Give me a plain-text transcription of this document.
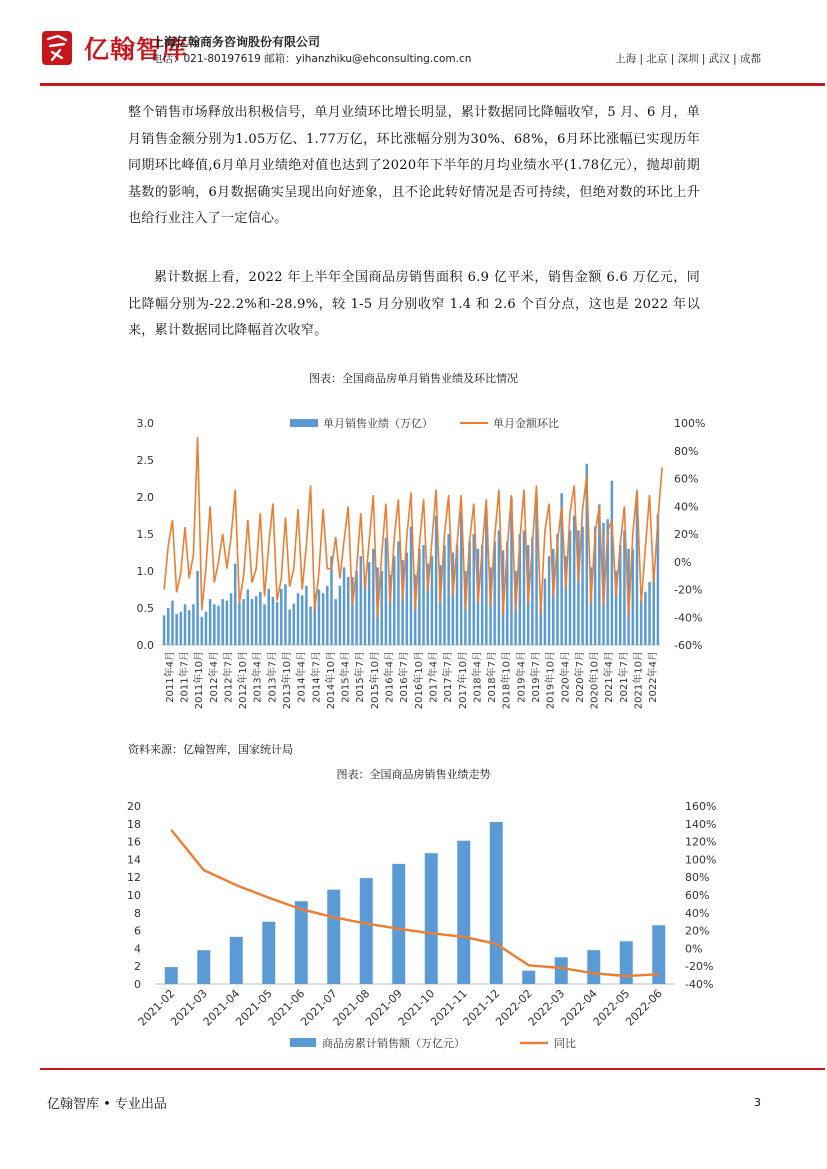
亿翰智库
上海亿翰商务咨询股份有限公司
电话：021-80197619 邮箱：yihanzhiku@ehconsulting.com.cn	上海 | 北京 | 深圳 | 武汉 | 成都
整个销售市场释放出积极信号，单月业绩环比增长明显，累计数据同比降幅收窄，5 月、6 月，单月销售金额分别为1.05万亿、1.77万亿，环比涨幅分别为30%、68%，6月环比涨幅已实现历年同期环比峰值,6月单月业绩绝对值也达到了2020年下半年的月均业绩水平(1.78亿元），抛却前期基数的影响，6月数据确实呈现出向好迹象，且不论此转好情况是否可持续，但绝对数的环比上升也给行业注入了一定信心。
累计数据上看，2022 年上半年全国商品房销售面积 6.9 亿平米，销售金额 6.6 万亿元，同比降幅分别为-22.2%和-28.9%，较 1-5 月分别收窄 1.4 和 2.6 个百分点，这也是 2022 年以来，累计数据同比降幅首次收窄。
图表：全国商品房单月销售业绩及环比情况
0.0
0.5
1.0
1.5
2.0
2.5
3.0
-60%
-40%
-20%
0%
20%
40%
60%
80%
100%
2011年4月 2011年7月 2011年10月 2012年4月 2012年7月 2012年10月 2013年4月 2013年7月 2013年10月 2014年4月 2014年7月 2014年10月 2015年4月 2015年7月 2015年10月 2016年4月 2016年7月 2016年10月 2017年4月 2017年7月 2017年10月 2018年4月 2018年7月 2018年10月 2019年4月 2019年7月 2019年10月 2020年4月 2020年7月 2020年10月 2021年4月 2021年7月 2021年10月 2022年4月
单月销售业绩（万亿）	单月金额环比
资料来源：亿翰智库，国家统计局
图表：全国商品房销售业绩走势
0
2
4
6
8
10
12
14
16
18
20
-40%
-20%
0%
20%
40%
60%
80%
100%
120%
140%
160%
2021-02
2021-03
2021-04
2021-05
2021-06
2021-07
2021-08
2021-09
2021-10
2021-11
2021-12
2022-02
2022-03
2022-04
2022-05
2022-06
商品房累计销售额（万亿元）	同比
亿翰智库 • 专业出品	3
